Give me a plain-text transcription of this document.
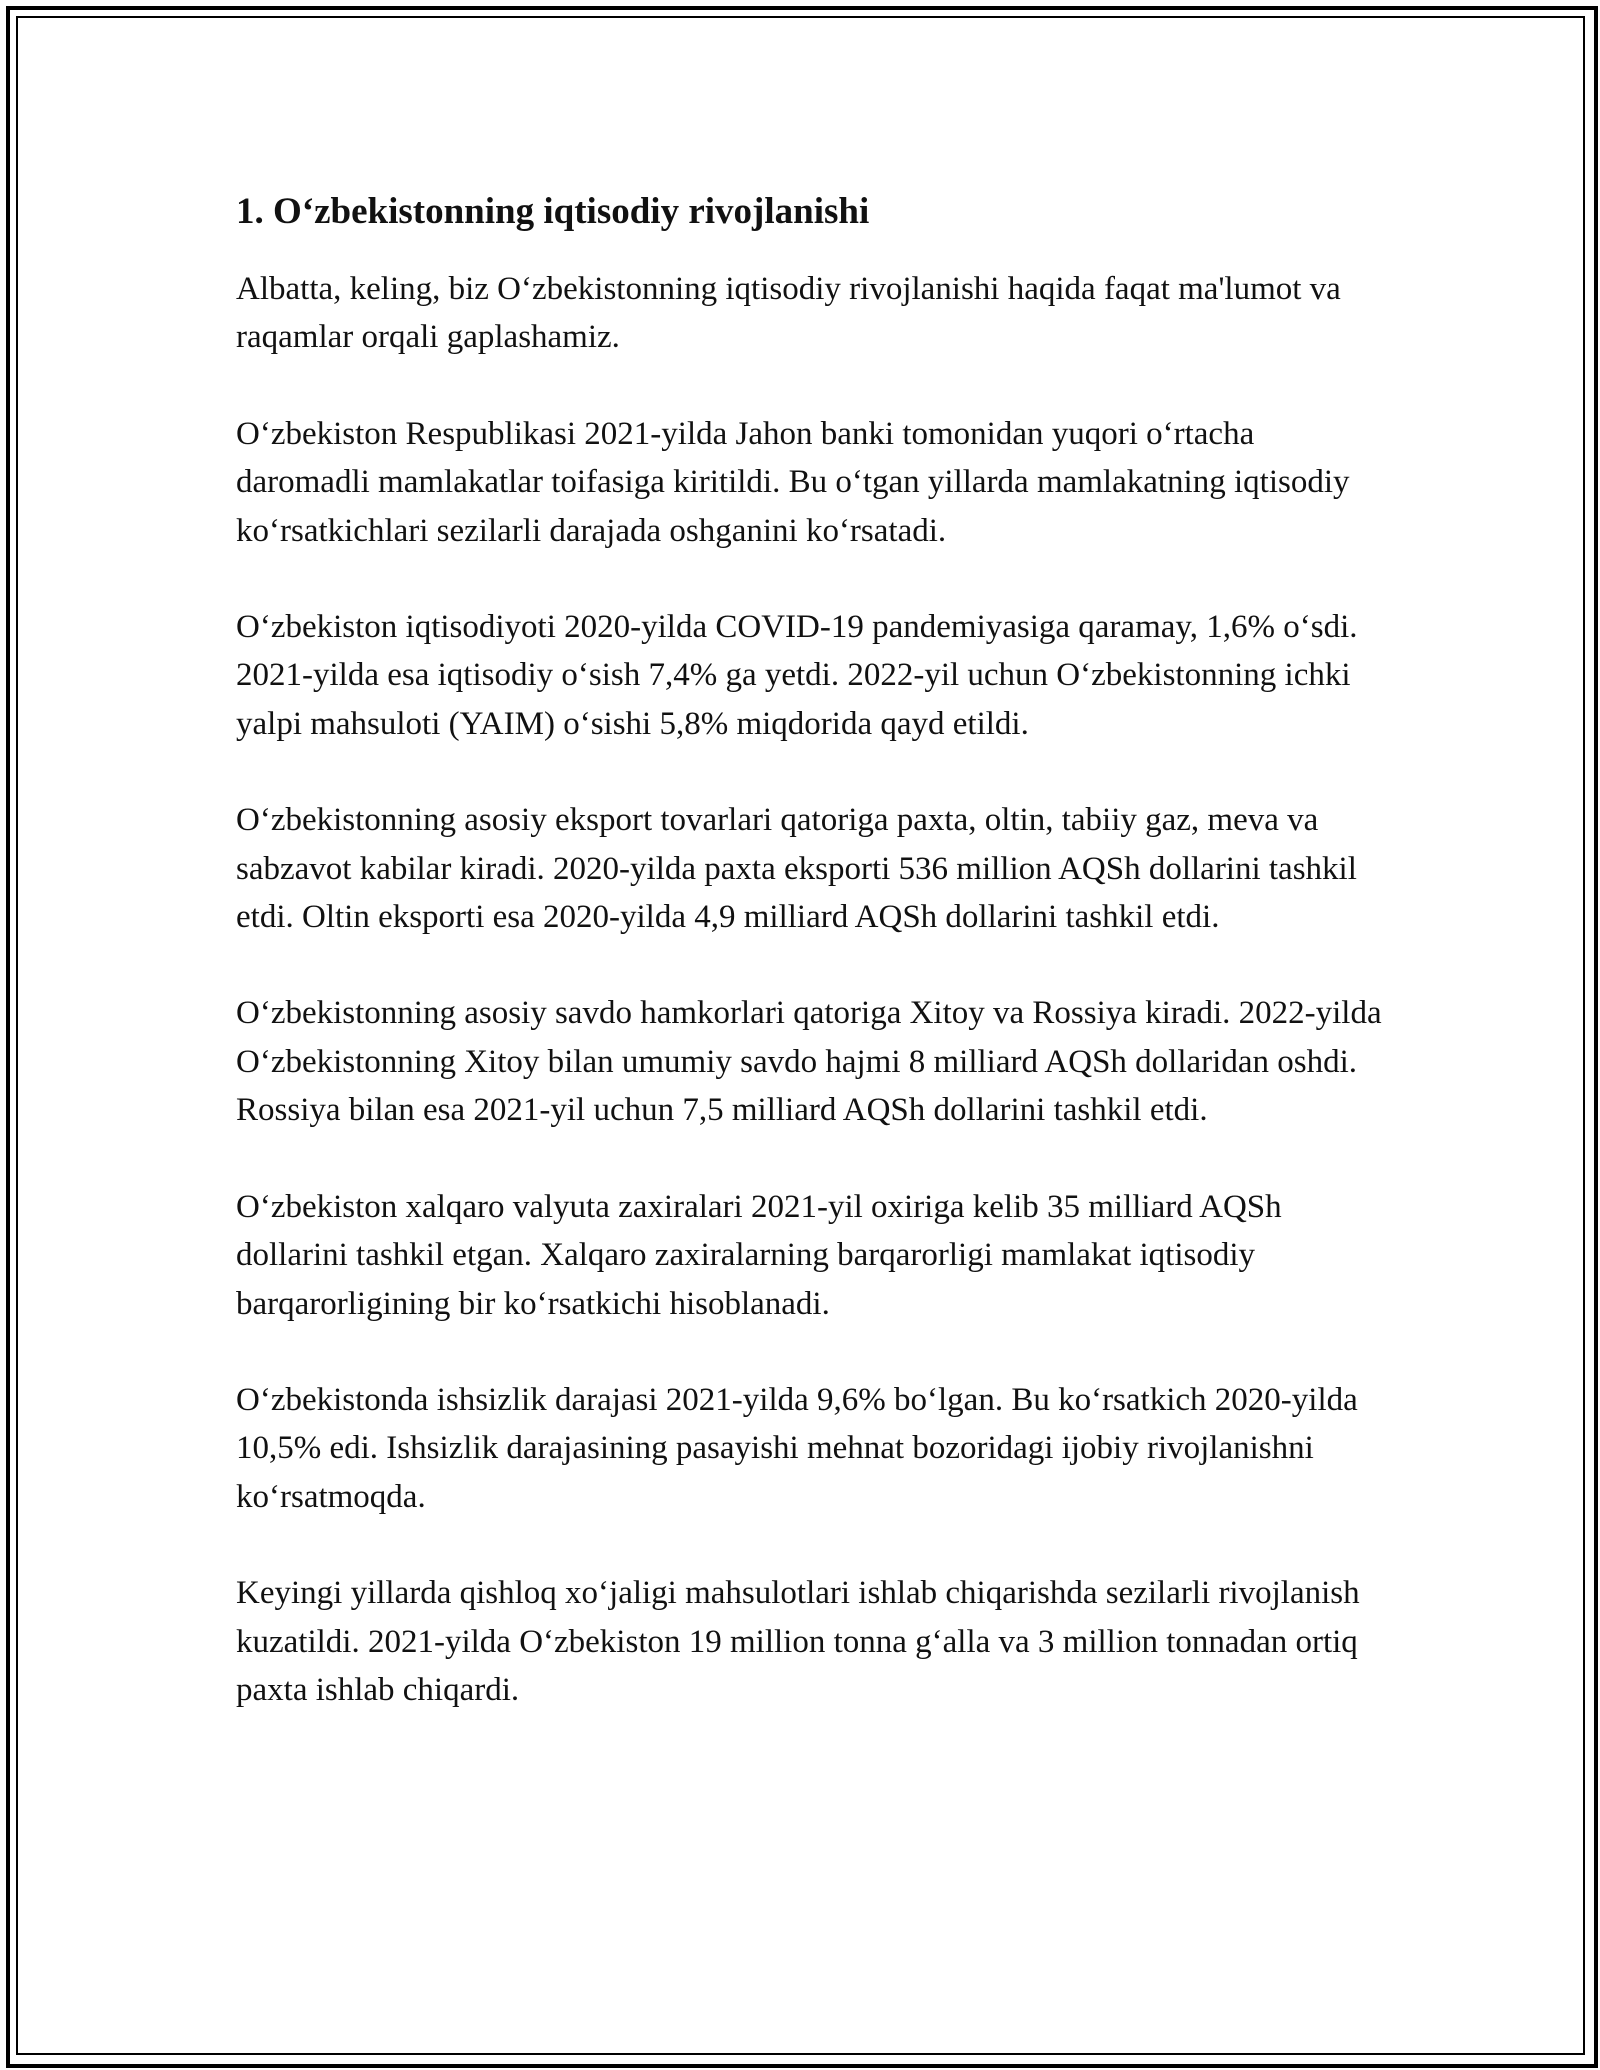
1. O‘zbekistonning iqtisodiy rivojlanishi

Albatta, keling, biz O‘zbekistonning iqtisodiy rivojlanishi haqida faqat ma'lumot va raqamlar orqali gaplashamiz.

O‘zbekiston Respublikasi 2021-yilda Jahon banki tomonidan yuqori o‘rtacha daromadli mamlakatlar toifasiga kiritildi. Bu o‘tgan yillarda mamlakatning iqtisodiy ko‘rsatkichlari sezilarli darajada oshganini ko‘rsatadi.

O‘zbekiston iqtisodiyoti 2020-yilda COVID-19 pandemiyasiga qaramay, 1,6% o‘sdi. 2021-yilda esa iqtisodiy o‘sish 7,4% ga yetdi. 2022-yil uchun O‘zbekistonning ichki yalpi mahsuloti (YAIM) o‘sishi 5,8% miqdorida qayd etildi.

O‘zbekistonning asosiy eksport tovarlari qatoriga paxta, oltin, tabiiy gaz, meva va sabzavot kabilar kiradi. 2020-yilda paxta eksporti 536 million AQSh dollarini tashkil etdi. Oltin eksporti esa 2020-yilda 4,9 milliard AQSh dollarini tashkil etdi.

O‘zbekistonning asosiy savdo hamkorlari qatoriga Xitoy va Rossiya kiradi. 2022-yilda O‘zbekistonning Xitoy bilan umumiy savdo hajmi 8 milliard AQSh dollaridan oshdi. Rossiya bilan esa 2021-yil uchun 7,5 milliard AQSh dollarini tashkil etdi.

O‘zbekiston xalqaro valyuta zaxiralari 2021-yil oxiriga kelib 35 milliard AQSh dollarini tashkil etgan. Xalqaro zaxiralarning barqarorligi mamlakat iqtisodiy barqarorligining bir ko‘rsatkichi hisoblanadi.

O‘zbekistonda ishsizlik darajasi 2021-yilda 9,6% bo‘lgan. Bu ko‘rsatkich 2020-yilda 10,5% edi. Ishsizlik darajasining pasayishi mehnat bozoridagi ijobiy rivojlanishni ko‘rsatmoqda.

Keyingi yillarda qishloq xo‘jaligi mahsulotlari ishlab chiqarishda sezilarli rivojlanish kuzatildi. 2021-yilda O‘zbekiston 19 million tonna g‘alla va 3 million tonnadan ortiq paxta ishlab chiqardi.
